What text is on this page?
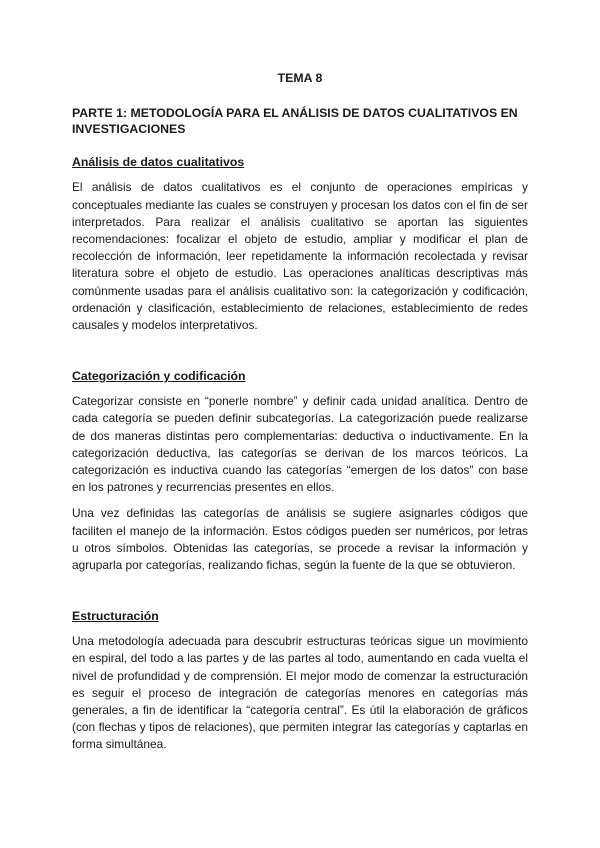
TEMA 8
PARTE 1: METODOLOGÍA PARA EL ANÁLISIS DE DATOS CUALITATIVOS EN INVESTIGACIONES
Análisis de datos cualitativos

El análisis de datos cualitativos es el conjunto de operaciones empíricas y conceptuales mediante las cuales se construyen y procesan los datos con el fin de ser interpretados. Para realizar el análisis cualitativo se aportan las siguientes recomendaciones: focalizar el objeto de estudio, ampliar y modificar el plan de recolección de información, leer repetidamente la información recolectada y revisar literatura sobre el objeto de estudio. Las operaciones analíticas descriptivas más comúnmente usadas para el análisis cualitativo son: la categorización y codificación, ordenación y clasificación, establecimiento de relaciones, establecimiento de redes causales y modelos interpretativos.

Categorización y codificación

Categorizar consiste en “ponerle nombre” y definir cada unidad analítica. Dentro de cada categoría se pueden definir subcategorías. La categorización puede realizarse de dos maneras distintas pero complementarias: deductiva o inductivamente. En la categorización deductiva, las categorías se derivan de los marcos teóricos. La categorización es inductiva cuando las categorías “emergen de los datos” con base en los patrones y recurrencias presentes en ellos.

Una vez definidas las categorías de análisis se sugiere asignarles códigos que faciliten el manejo de la información. Estos códigos pueden ser numéricos, por letras u otros símbolos. Obtenidas las categorías, se procede a revisar la información y agruparla por categorías, realizando fichas, según la fuente de la que se obtuvieron.

Estructuración

Una metodología adecuada para descubrir estructuras teóricas sigue un movimiento en espiral, del todo a las partes y de las partes al todo, aumentando en cada vuelta el nivel de profundidad y de comprensión. El mejor modo de comenzar la estructuración es seguir el proceso de integración de categorías menores en categorías más generales, a fin de identificar la “categoría central”. Es útil la elaboración de gráficos (con flechas y tipos de relaciones), que permiten integrar las categorías y captarlas en forma simultánea.
